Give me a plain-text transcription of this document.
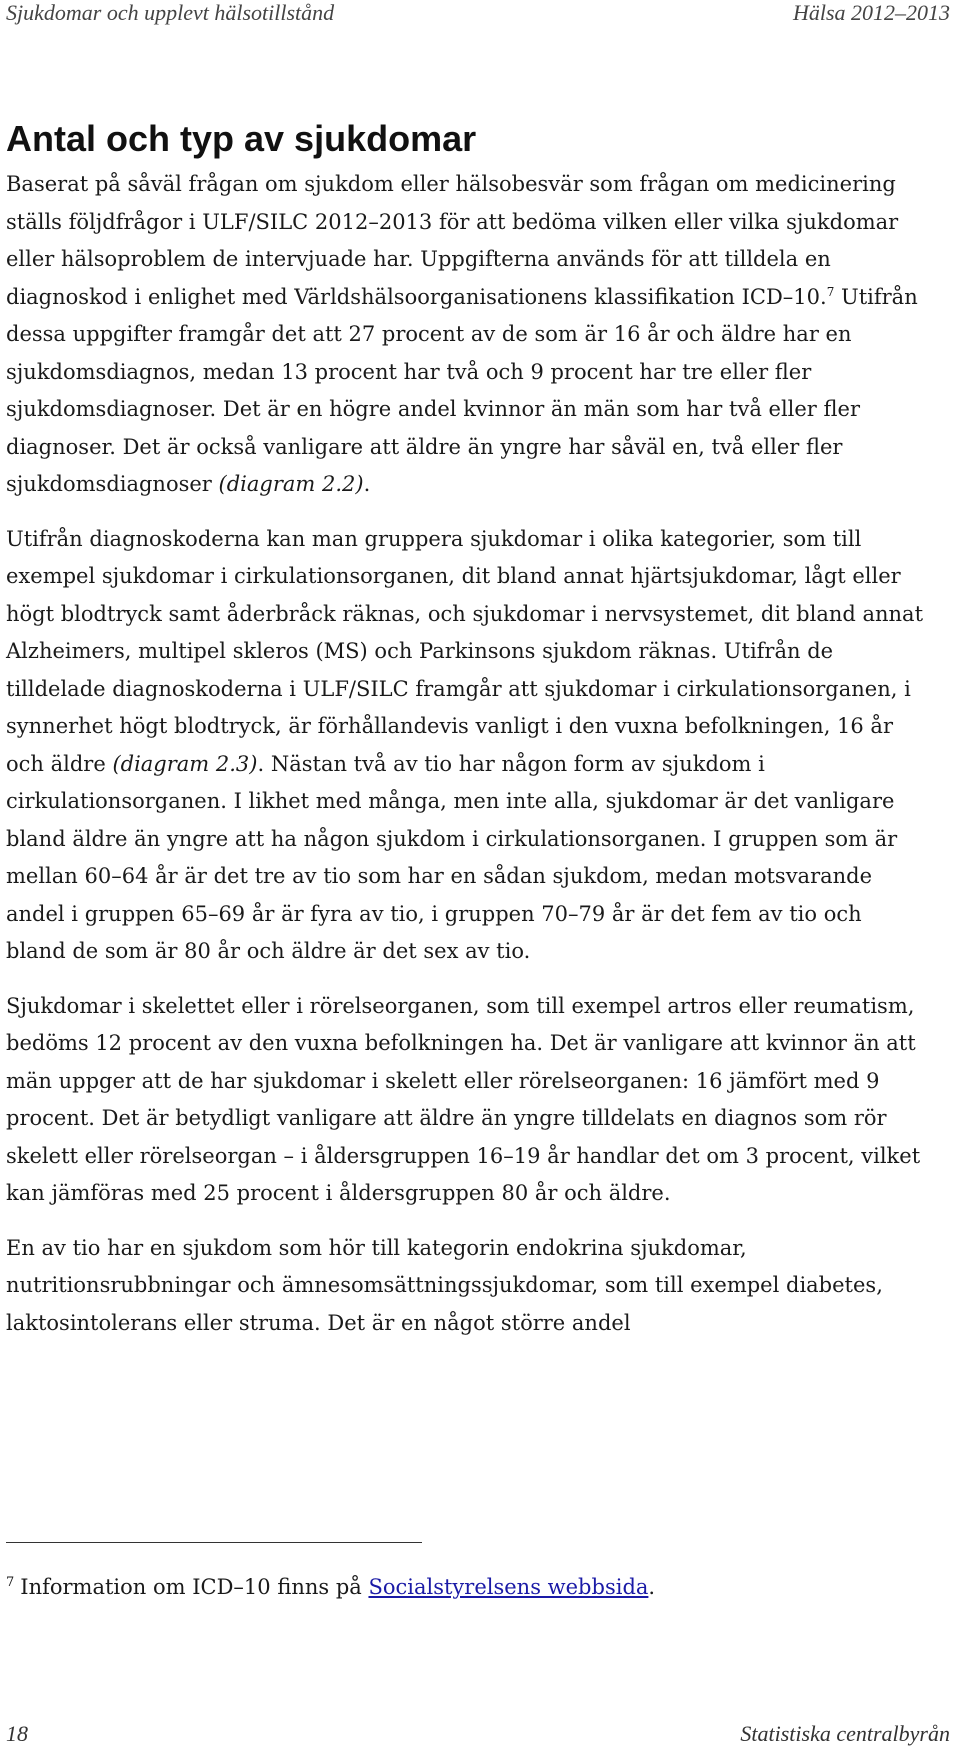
Sjukdomar och upplevt hälsotillstånd	Hälsa 2012–2013
Antal och typ av sjukdomar

Baserat på såväl frågan om sjukdom eller hälsobesvär som frågan om medicinering ställs följdfrågor i ULF/SILC 2012–2013 för att bedöma vilken eller vilka sjukdomar eller hälsoproblem de intervjuade har. Uppgifterna används för att tilldela en diagnoskod i enlighet med Världshälsoorganisationens klassifikation ICD–10.$^7$ Utifrån dessa uppgifter framgår det att 27 procent av de som är 16 år och äldre har en sjukdomsdiagnos, medan 13 procent har två och 9 procent har tre eller fler sjukdomsdiagnoser. Det är en högre andel kvinnor än män som har två eller fler diagnoser. Det är också vanligare att äldre än yngre har såväl en, två eller fler sjukdomsdiagnoser (diagram 2.2).

Utifrån diagnoskoderna kan man gruppera sjukdomar i olika kategorier, som till exempel sjukdomar i cirkulationsorganen, dit bland annat hjärtsjukdomar, lågt eller högt blodtryck samt åderbråck räknas, och sjukdomar i nervsystemet, dit bland annat Alzheimers, multipel skleros (MS) och Parkinsons sjukdom räknas. Utifrån de tilldelade diagnoskoderna i ULF/SILC framgår att sjukdomar i cirkulationsorganen, i synnerhet högt blodtryck, är förhållandevis vanligt i den vuxna befolkningen, 16 år och äldre (diagram 2.3). Nästan två av tio har någon form av sjukdom i cirkulationsorganen. I likhet med många, men inte alla, sjukdomar är det vanligare bland äldre än yngre att ha någon sjukdom i cirkulationsorganen. I gruppen som är mellan 60–64 år är det tre av tio som har en sådan sjukdom, medan motsvarande andel i gruppen 65–69 år är fyra av tio, i gruppen 70–79 år är det fem av tio och bland de som är 80 år och äldre är det sex av tio.

Sjukdomar i skelettet eller i rörelseorganen, som till exempel artros eller reumatism, bedöms 12 procent av den vuxna befolkningen ha. Det är vanligare att kvinnor än att män uppger att de har sjukdomar i skelett eller rörelseorganen: 16 jämfört med 9 procent. Det är betydligt vanligare att äldre än yngre tilldelats en diagnos som rör skelett eller rörelseorgan – i åldersgruppen 16–19 år handlar det om 3 procent, vilket kan jämföras med 25 procent i åldersgruppen 80 år och äldre.

En av tio har en sjukdom som hör till kategorin endokrina sjukdomar, nutritionsrubbningar och ämnesomsättningssjukdomar, som till exempel diabetes, laktosintolerans eller struma. Det är en något större andel

$^7$ Information om ICD–10 finns på Socialstyrelsens webbsida.
18	Statistiska centralbyrån
